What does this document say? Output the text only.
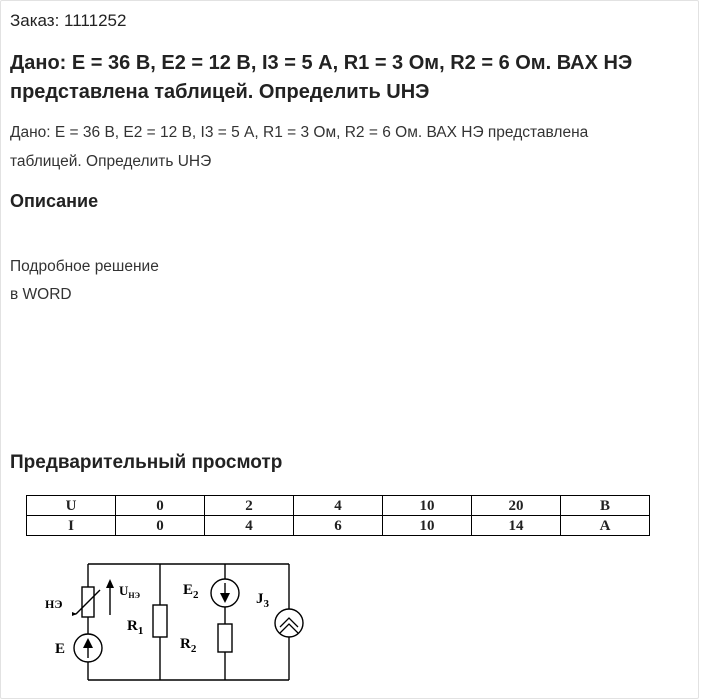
Заказ: 1111252
Дано: E = 36 В, E2 = 12 В, I3 = 5 А, R1 = 3 Ом, R2 = 6 Ом. ВАХ НЭ представлена таблицей. Определить UНЭ
Дано: E = 36 В, E2 = 12 В, I3 = 5 А, R1 = 3 Ом, R2 = 6 Ом. ВАХ НЭ представлена таблицей. Определить UНЭ
Описание
Подробное решение
в WORD
Предварительный просмотр
U	0	2	4	10	20	В
I	0	4	6	10	14	А
НЭ
$U_{НЭ}$
E
$R_1$
$E_2$
$R_2$
$J_3$
